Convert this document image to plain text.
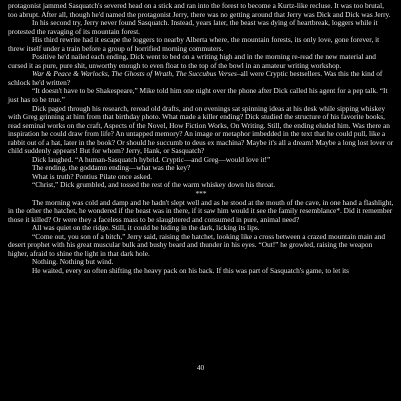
protagonist jammed Sasquatch's severed head on a stick and ran into the forest to become a Kurtz-like recluse. It was too brutal, too abrupt. After all, though he'd named the protagonist Jerry, there was no getting around that Jerry was Dick and Dick was Jerry.

In his second try, Jerry never found Sasquatch. Instead, years later, the beast was dying of heartbreak, loggers while it protested the ravaging of its mountain forest.

His third rewrite had it escape the loggers to nearby Alberta where, the mountain forests, its only love, gone forever, it threw itself under a train before a group of horrified morning commuters.

Positive he'd nailed each ending, Dick went to bed on a writing high and in the morning re-read the new material and cursed it as pure, pure shit, unworthy enough to even float to the top of the bowl in an amateur writing workshop.

War & Peace & Warlocks, The Ghosts of Wrath, The Succubus Verses–all were Cryptic bestsellers. Was this the kind of schlock he'd written?

“It doesn't have to be Shakespeare,” Mike told him one night over the phone after Dick called his agent for a pep talk. “It just has to be true.”

Dick paged through his research, reread old drafts, and on evenings sat spinning ideas at his desk while sipping whiskey with Greg grinning at him from that birthday photo. What made a killer ending? Dick studied the structure of his favorite books, read seminal works on the craft, Aspects of the Novel, How Fiction Works, On Writing. Still, the ending eluded him. Was there an inspiration he could draw from life? An untapped memory? An image or metaphor imbedded in the text that he could pull, like a rabbit out of a hat, later in the book? Or should he succumb to deus ex machina? Maybe it's all a dream! Maybe a long lost lover or child suddenly appears! But for whom? Jerry, Hank, or Sasquatch?

Dick laughed. “A human-Sasquatch hybrid. Cryptic—and Greg—would love it!”

The ending, the goddamn ending—what was the key?

What is truth? Pontius Pilate once asked.

“Christ,” Dick grumbled, and tossed the rest of the warm whiskey down his throat.

***

The morning was cold and damp and he hadn't slept well and as he stood at the mouth of the cave, in one hand a flashlight, in the other the hatchet, he wondered if the beast was in there, if it saw him would it see the family resemblance*. Did it remember those it killed? Or were they a faceless mass to be slaughtered and consumed in pure, animal need?

All was quiet on the ridge. Still, it could be hiding in the dark, licking its lips.

“Come out, you son of a bitch,” Jerry said, raising the hatchet, looking like a cross between a crazed mountain main and desert prophet with his great muscular bulk and bushy beard and thunder in his eyes. “Out!” he growled, raising the weapon higher, afraid to shine the light in that dark hole.

Nothing. Nothing but wind.

He waited, every so often shifting the heavy pack on his back. If this was part of Sasquatch's game, to let its

40
